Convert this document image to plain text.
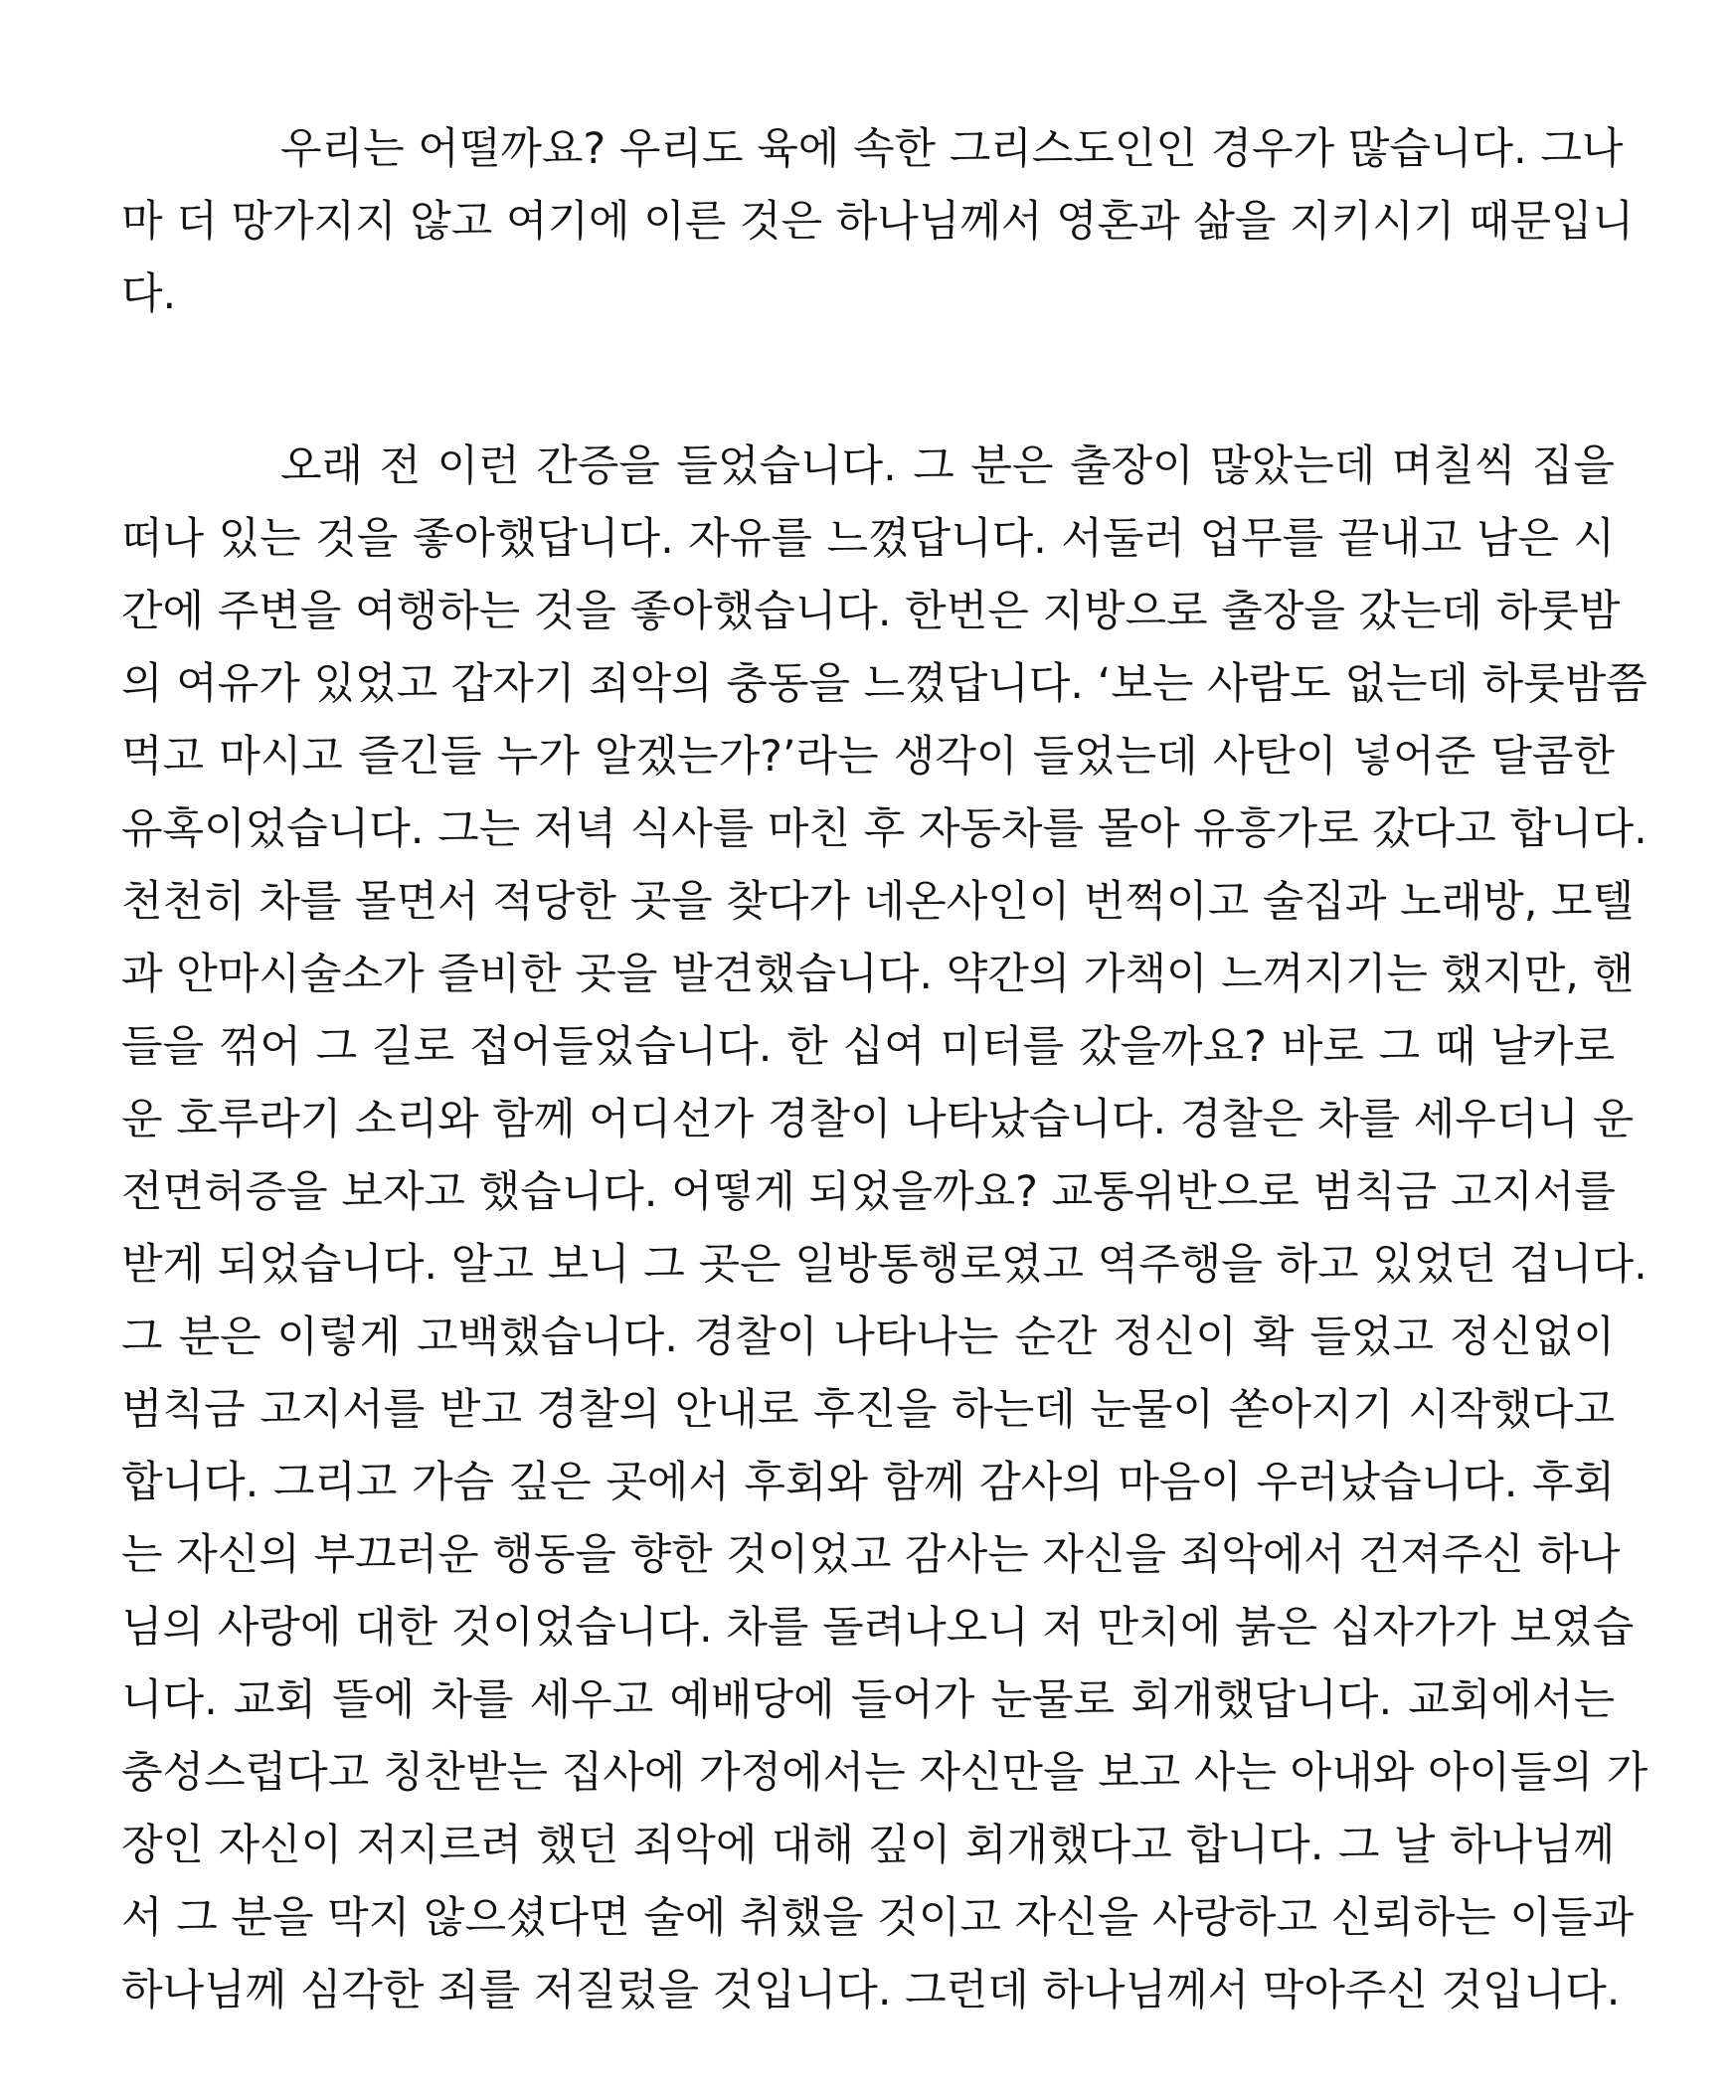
우리는 어떨까요? 우리도 육에 속한 그리스도인인 경우가 많습니다. 그나
마 더 망가지지 않고 여기에 이른 것은 하나님께서 영혼과 삶을 지키시기 때문입니
다.
오래 전 이런 간증을 들었습니다. 그 분은 출장이 많았는데 며칠씩 집을
떠나 있는 것을 좋아했답니다. 자유를 느꼈답니다. 서둘러 업무를 끝내고 남은 시
간에 주변을 여행하는 것을 좋아했습니다. 한번은 지방으로 출장을 갔는데 하룻밤
의 여유가 있었고 갑자기 죄악의 충동을 느꼈답니다. ‘보는 사람도 없는데 하룻밤쯤
먹고 마시고 즐긴들 누가 알겠는가?’라는 생각이 들었는데 사탄이 넣어준 달콤한
유혹이었습니다. 그는 저녁 식사를 마친 후 자동차를 몰아 유흥가로 갔다고 합니다.
천천히 차를 몰면서 적당한 곳을 찾다가 네온사인이 번쩍이고 술집과 노래방, 모텔
과 안마시술소가 즐비한 곳을 발견했습니다. 약간의 가책이 느껴지기는 했지만, 핸
들을 꺾어 그 길로 접어들었습니다. 한 십여 미터를 갔을까요? 바로 그 때 날카로
운 호루라기 소리와 함께 어디선가 경찰이 나타났습니다. 경찰은 차를 세우더니 운
전면허증을 보자고 했습니다. 어떻게 되었을까요? 교통위반으로 범칙금 고지서를
받게 되었습니다. 알고 보니 그 곳은 일방통행로였고 역주행을 하고 있었던 겁니다.
그 분은 이렇게 고백했습니다. 경찰이 나타나는 순간 정신이 확 들었고 정신없이
범칙금 고지서를 받고 경찰의 안내로 후진을 하는데 눈물이 쏟아지기 시작했다고
합니다. 그리고 가슴 깊은 곳에서 후회와 함께 감사의 마음이 우러났습니다. 후회
는 자신의 부끄러운 행동을 향한 것이었고 감사는 자신을 죄악에서 건져주신 하나
님의 사랑에 대한 것이었습니다. 차를 돌려나오니 저 만치에 붉은 십자가가 보였습
니다. 교회 뜰에 차를 세우고 예배당에 들어가 눈물로 회개했답니다. 교회에서는
충성스럽다고 칭찬받는 집사에 가정에서는 자신만을 보고 사는 아내와 아이들의 가
장인 자신이 저지르려 했던 죄악에 대해 깊이 회개했다고 합니다. 그 날 하나님께
서 그 분을 막지 않으셨다면 술에 취했을 것이고 자신을 사랑하고 신뢰하는 이들과
하나님께 심각한 죄를 저질렀을 것입니다. 그런데 하나님께서 막아주신 것입니다.
